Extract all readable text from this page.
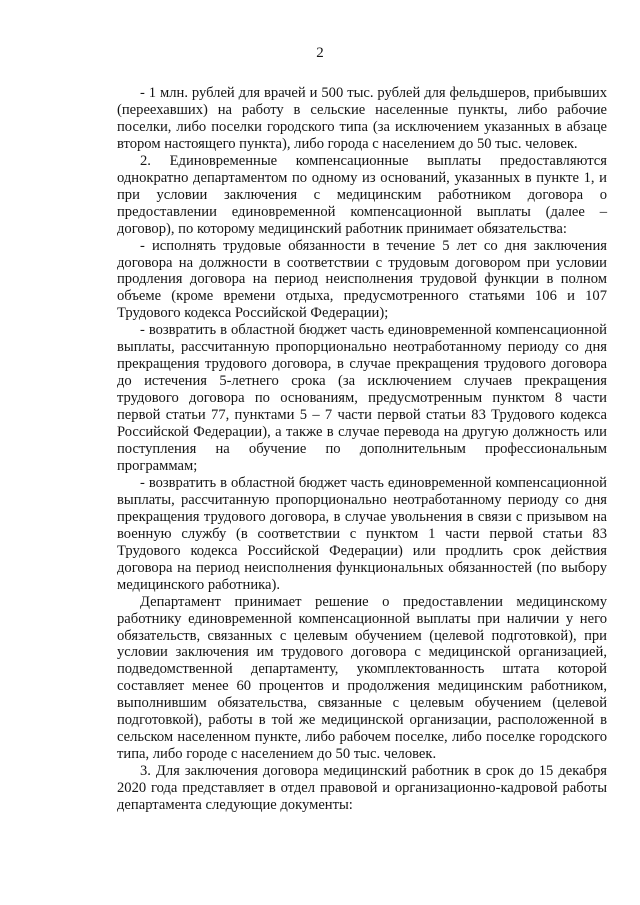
2

- 1 млн. рублей для врачей и 500 тыс. рублей для фельдшеров, прибывших (переехавших) на работу в сельские населенные пункты, либо рабочие поселки, либо поселки городского типа (за исключением указанных в абзаце втором настоящего пункта), либо города с населением до 50 тыс. человек.

2. Единовременные компенсационные выплаты предоставляются однократно департаментом по одному из оснований, указанных в пункте 1, и при условии заключения с медицинским работником договора о предоставлении единовременной компенсационной выплаты (далее – договор), по которому медицинский работник принимает обязательства:

- исполнять трудовые обязанности в течение 5 лет со дня заключения договора на должности в соответствии с трудовым договором при условии продления договора на период неисполнения трудовой функции в полном объеме (кроме времени отдыха, предусмотренного статьями 106 и 107 Трудового кодекса Российской Федерации);

- возвратить в областной бюджет часть единовременной компенсационной выплаты, рассчитанную пропорционально неотработанному периоду со дня прекращения трудового договора, в случае прекращения трудового договора до истечения 5-летнего срока (за исключением случаев прекращения трудового договора по основаниям, предусмотренным пунктом 8 части первой статьи 77, пунктами 5 – 7 части первой статьи 83 Трудового кодекса Российской Федерации), а также в случае перевода на другую должность или поступления на обучение по дополнительным профессиональным программам;

- возвратить в областной бюджет часть единовременной компенсационной выплаты, рассчитанную пропорционально неотработанному периоду со дня прекращения трудового договора, в случае увольнения в связи с призывом на военную службу (в соответствии с пунктом 1 части первой статьи 83 Трудового кодекса Российской Федерации) или продлить срок действия договора на период неисполнения функциональных обязанностей (по выбору медицинского работника).

Департамент принимает решение о предоставлении медицинскому работнику единовременной компенсационной выплаты при наличии у него обязательств, связанных с целевым обучением (целевой подготовкой), при условии заключения им трудового договора с медицинской организацией, подведомственной департаменту, укомплектованность штата которой составляет менее 60 процентов и продолжения медицинским работником, выполнившим обязательства, связанные с целевым обучением (целевой подготовкой), работы в той же медицинской организации, расположенной в сельском населенном пункте, либо рабочем поселке, либо поселке городского типа, либо городе с населением до 50 тыс. человек.

3. Для заключения договора медицинский работник в срок до 15 декабря 2020 года представляет в отдел правовой и организационно-кадровой работы департамента следующие документы:
